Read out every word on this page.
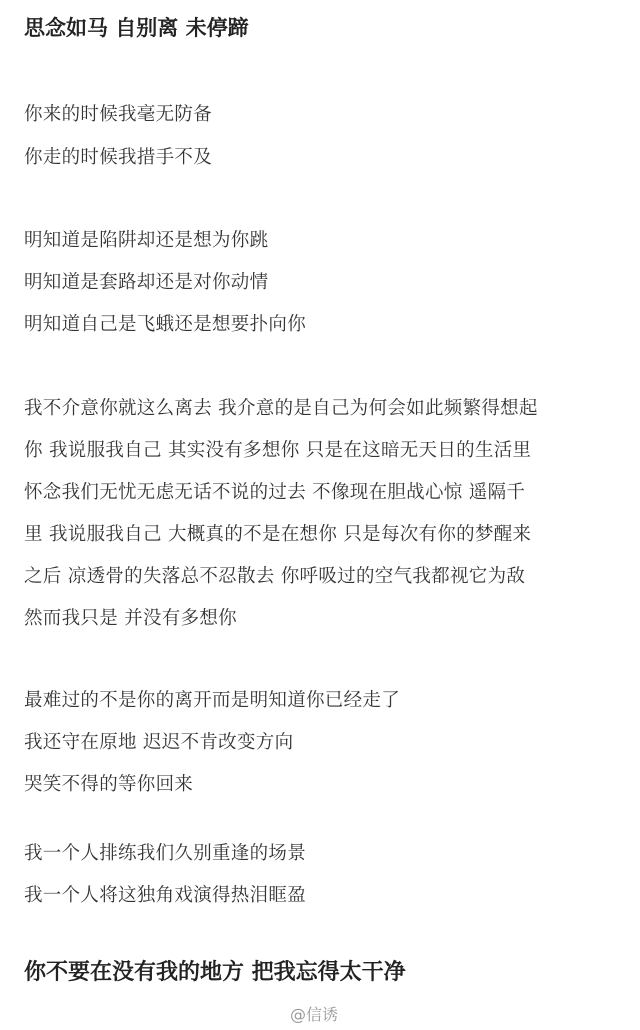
思念如马 自别离 未停蹄
你来的时候我毫无防备
你走的时候我措手不及
明知道是陷阱却还是想为你跳
明知道是套路却还是对你动情
明知道自己是飞蛾还是想要扑向你
我不介意你就这么离去 我介意的是自己为何会如此频繁得想起
你 我说服我自己 其实没有多想你 只是在这暗无天日的生活里
怀念我们无忧无虑无话不说的过去 不像现在胆战心惊 遥隔千
里 我说服我自己 大概真的不是在想你 只是每次有你的梦醒来
之后 凉透骨的失落总不忍散去 你呼吸过的空气我都视它为敌
然而我只是 并没有多想你
最难过的不是你的离开而是明知道你已经走了
我还守在原地 迟迟不肯改变方向
哭笑不得的等你回来
我一个人排练我们久别重逢的场景
我一个人将这独角戏演得热泪眶盈
你不要在没有我的地方 把我忘得太干净
@信诱
